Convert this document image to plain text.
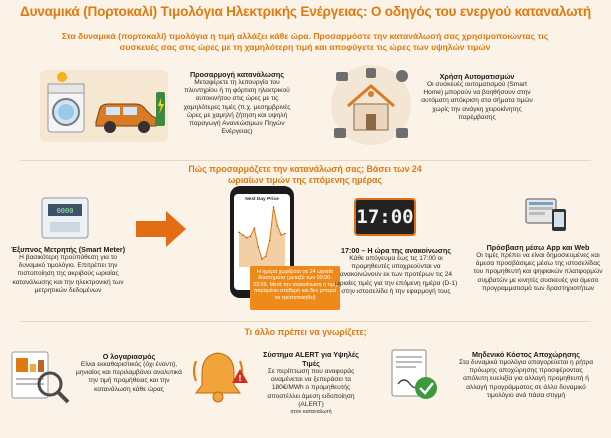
Δυναμικά (Πορτοκαλί) Τιμολόγια Ηλεκτρικής Ενέργειας: Ο οδηγός του ενεργού καταναλωτή
Στα δυναμικά (πορτοκαλί) τιμολόγια η τιμή αλλάζει κάθε ώρα. Προσαρμόστε την κατανάλωσή σας χρησιμοποιώντας τις συσκευές σας στις ώρες με τη χαμηλότερη τιμή και αποφύγετε τις ώρες των υψηλών τιμών
Προσαρμογή κατανάλωσης
Μεταφέρετε τη λειτουργία του πλυντηρίου ή τη φόρτιση ηλεκτρικού αυτοκινήτου στις ώρες με τις χαμηλότερες τιμές (π.χ. μεσημβρινές ώρες με χαμηλή ζήτηση και υψηλή παραγωγή Ανανεώσιμων Πηγών Ενέργειας)
Χρήση Αυτοματισμών
Οι συσκευές αυτοματισμού (Smart Home) μπορούν να βοηθήσουν στην αυτόματη απόκριση στα σήματα τιμών χωρίς την ανάγκη χειροκίνητης παρέμβασης
Πώς προσαρμόζετε την κατανάλωσή σας; Βάσει των 24 ωριαίων τιμών της επόμενης ημέρας
0000
Έξυπνος Μετρητής (Smart Meter)
Η βασικότερη προϋπόθεση για το δυναμικό τιμολόγιο. Επιτρέπει την πιστοποίηση της ακριβούς ωριαίας κατανάλωσης και την ηλεκτρονική των μετρητικών δεδομένων
Next Day Price
Η ημέρα χωρίζεται σε 24 ωριαία διαστήματα (μεταξύ των 00:00-23:59. Μετά την ανακοίνωση η τιμή παραμένει σταθερή και δεν μπορεί να τροποποιηθεί)
17:00
17:00 – Η ώρα της ανακοίνωσης
Κάθε απόγευμα έως τις 17:00 οι προμηθευτές υποχρεούνται να ανακοινώνουν εκ των προτέρων τις 24 ωριαίες τιμές για την επόμενη ημέρα (D-1) στην ιστοσελίδα ή την εφαρμογή τους
Πρόσβαση μέσω App και Web
Οι τιμές πρέπει να είναι δημοσιευμένες και άμεσα προσβάσιμες μέσω της ιστοσελίδας του προμηθευτή και ψηφιακών πλατφορμών συμβατών με κινητές συσκευές για άμεσο προγραμματισμό των δραστηριοτήτων
Τι άλλο πρέπει να γνωρίζετε;
Ο λογαριασμός
Είναι εκκαθαριστικός (όχι έναντι), μηνιαίος και περιλαμβάνει αναλυτικά την τιμή προμήθειας και την κατανάλωση κάθε ώρας
!
Σύστημα ALERT για Υψηλές Τιμές
Σε περίπτωση που αναφοράς αναμένεται να ξεπεράσει τα 180€/MWh ο προμηθευτής αποστέλλει άμεση ειδοποίηση (ALERT)
στον καταναλωτή
Μηδενικό Κόστος Αποχώρησης
Στα δυναμικά τιμολόγια απαγορεύεται η ρήτρα πρόωρης αποχώρησης προσφέροντας απόλυτη ευελιξία για αλλαγή προμηθευτή ή αλλαγή προγράμματος σε άλλο δυναμικό τιμολόγιο ανά πάσα στιγμή
